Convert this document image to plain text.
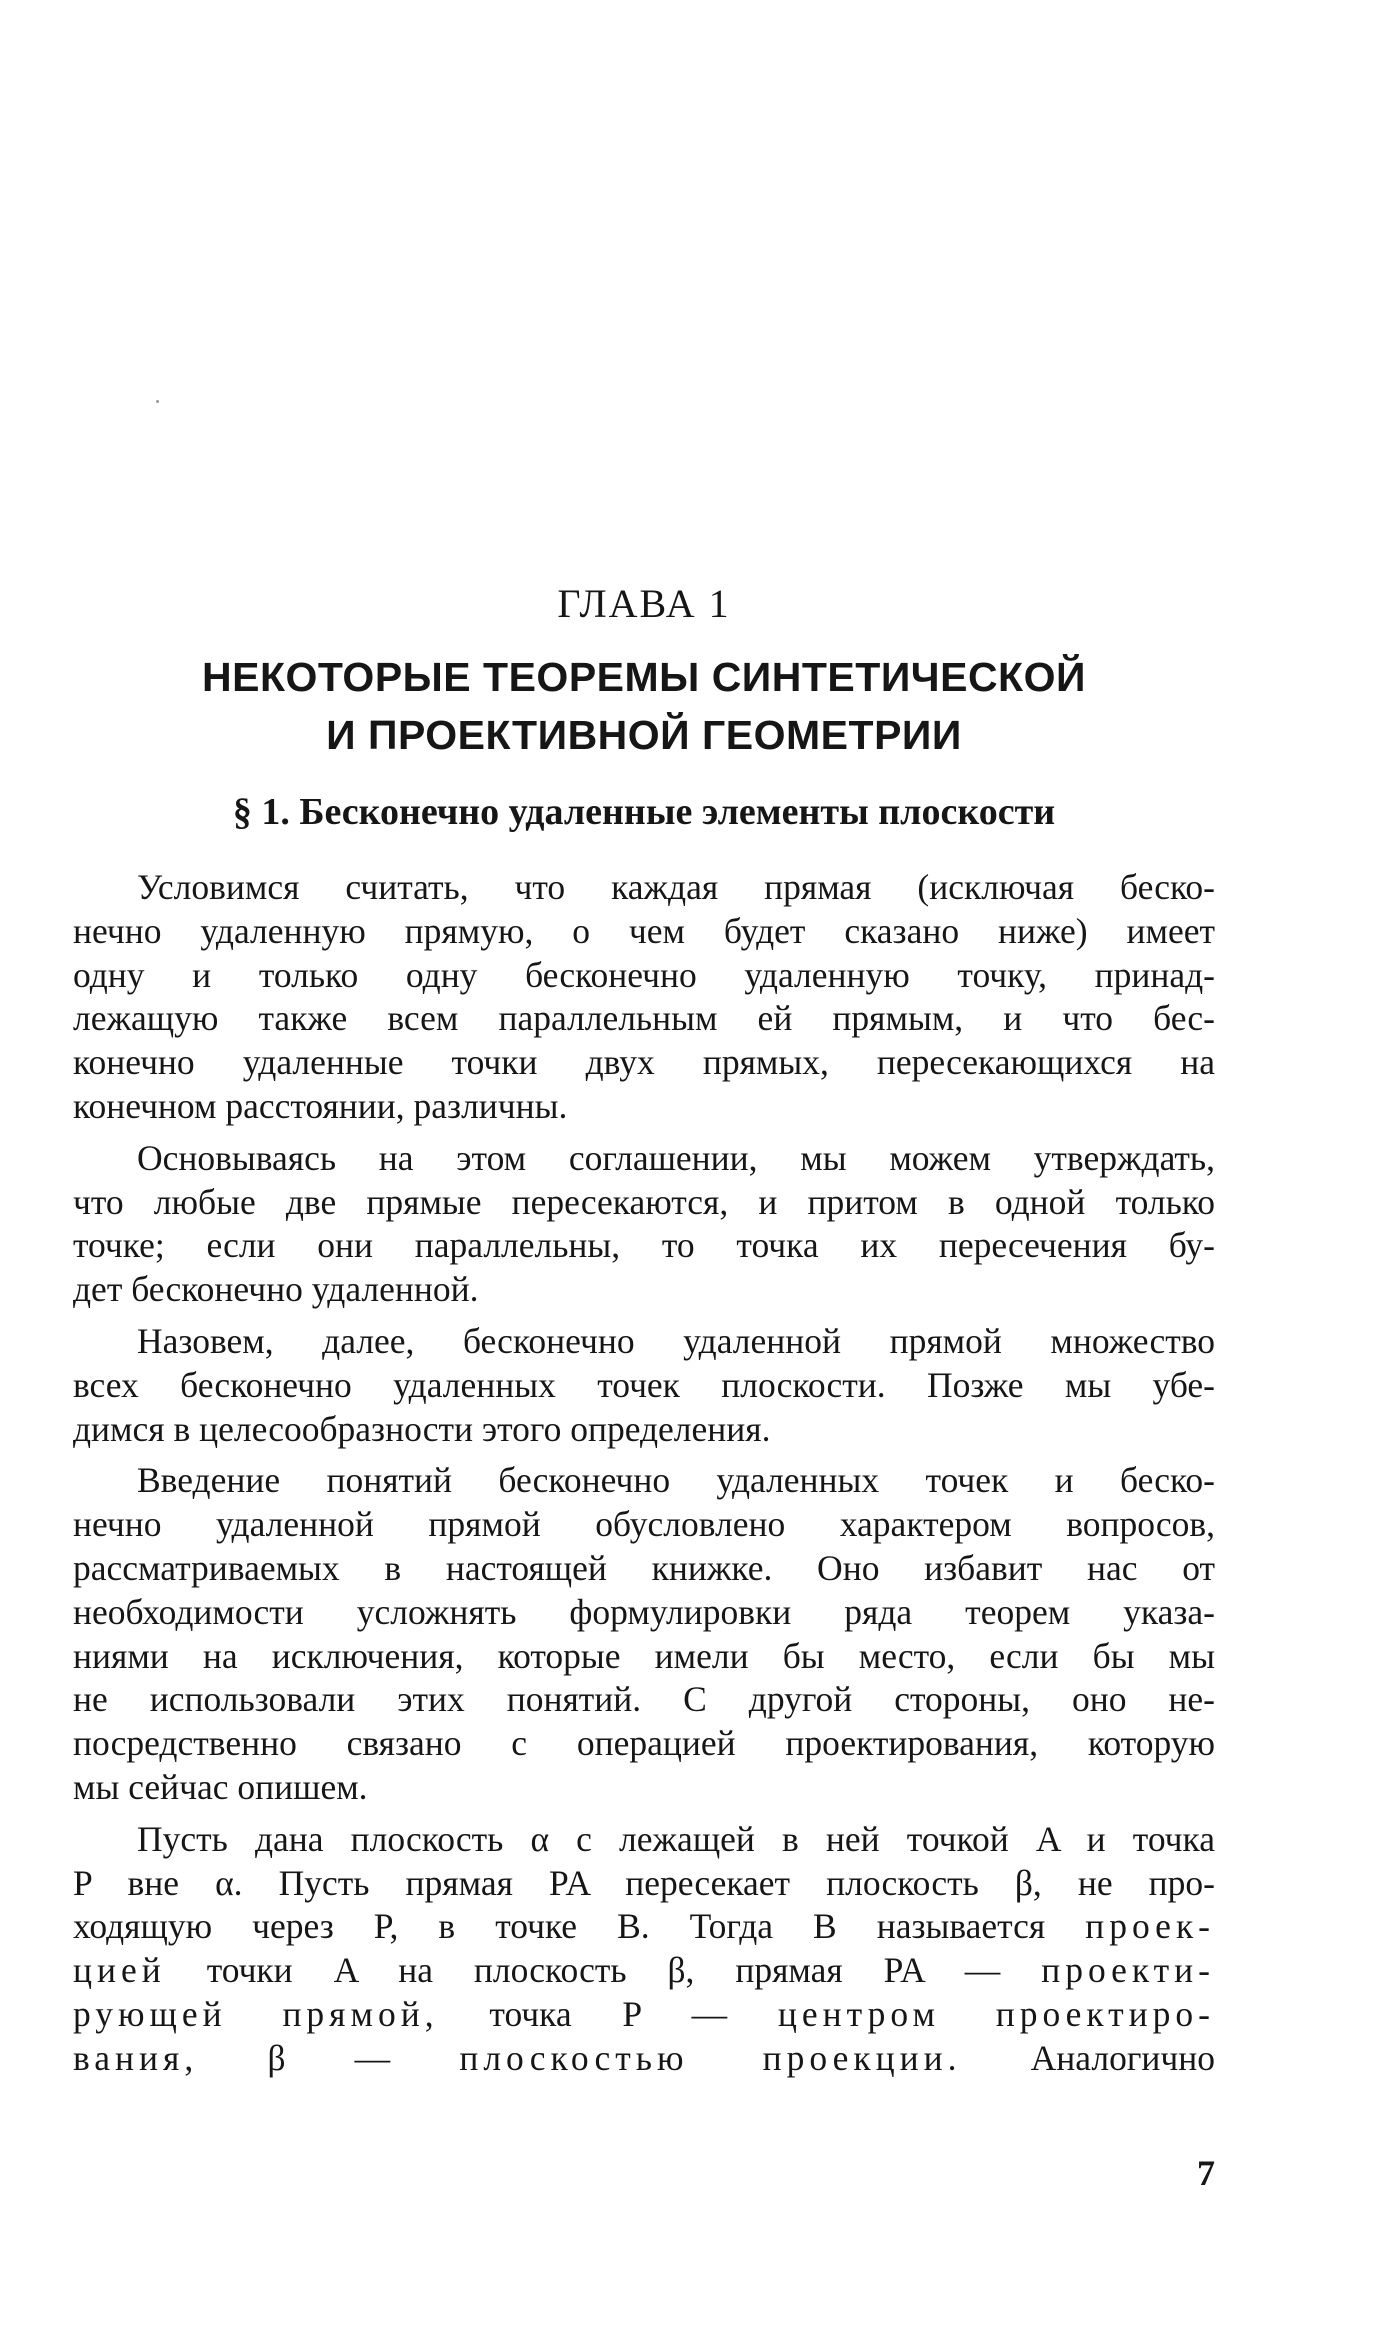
ГЛАВА 1
НЕКОТОРЫЕ ТЕОРЕМЫ СИНТЕТИЧЕСКОЙ
И ПРОЕКТИВНОЙ ГЕОМЕТРИИ
§ 1. Бесконечно удаленные элементы плоскости
Условимся считать, что каждая прямая (исключая беско-
нечно удаленную прямую, о чем будет сказано ниже) имеет
одну и только одну бесконечно удаленную точку, принад-
лежащую также всем параллельным ей прямым, и что бес-
конечно удаленные точки двух прямых, пересекающихся на
конечном расстоянии, различны.
Основываясь на этом соглашении, мы можем утверждать,
что любые две прямые пересекаются, и притом в одной только
точке; если они параллельны, то точка их пересечения бу-
дет бесконечно удаленной.
Назовем, далее, бесконечно удаленной прямой множество
всех бесконечно удаленных точек плоскости. Позже мы убе-
димся в целесообразности этого определения.
Введение понятий бесконечно удаленных точек и беско-
нечно удаленной прямой обусловлено характером вопросов,
рассматриваемых в настоящей книжке. Оно избавит нас от
необходимости усложнять формулировки ряда теорем указа-
ниями на исключения, которые имели бы место, если бы мы
не использовали этих понятий. С другой стороны, оно не-
посредственно связано с операцией проектирования, которую
мы сейчас опишем.
Пусть дана плоскость α с лежащей в ней точкой A и точка
P вне α. Пусть прямая PA пересекает плоскость β, не про-
ходящую через P, в точке B. Тогда B называется проек-
цией точки A на плоскость β, прямая PA — проекти-
рующей прямой, точка P — центром проектиро-
вания, β — плоскостью проекции. Аналогично
7
